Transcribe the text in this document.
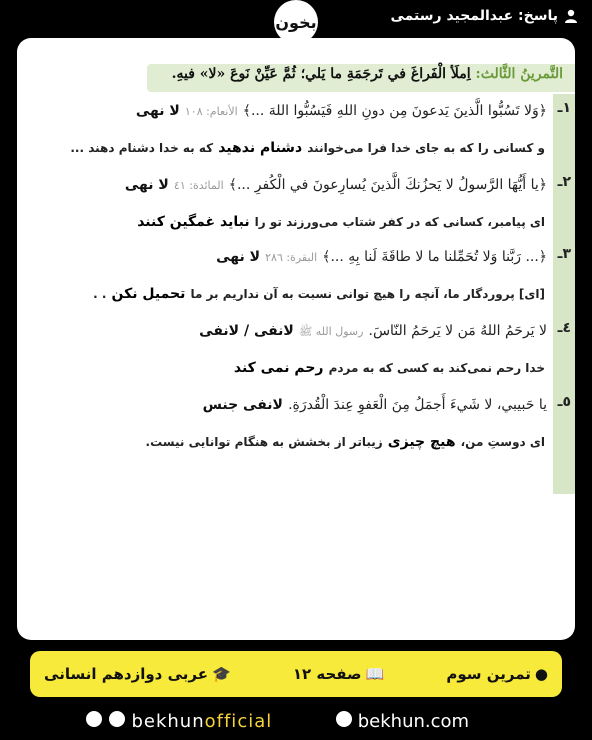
پاسخ: عبدالمجید رستمی
بخون
التَّمرينُ الثَّالث: اِملَأ الْفَراغَ في تَرجَمَةِ ما يَلي؛ ثُمَّ عَيِّنْ نَوعَ «لا» فيهِ.
﴿وَلا تَسُبُّوا الَّذينَ يَدعونَ مِن دونِ اللهِ فَيَسُبُّوا اللهَ ...﴾ الأنعام: ١٠٨ لا نهی	١ـ
و کسانی را که به جای خدا فرا می‌خوانند دشنام ندهید که به خدا دشنام دهند ...
﴿يا أَيُّهَا الرَّسولُ لا يَحزُنكَ الَّذينَ يُسارِعونَ في الْكُفرِ ...﴾ المائدة: ٤١ لا نهی	٢ـ
ای پیامبر، کسانی که در کفر شتاب می‌ورزند تو را نباید غمگین کنند
﴿... رَبَّنا وَلا تُحَمِّلنا ما لا طاقَةَ لَنا بِهِ ...﴾ البقرة: ٢٨٦ لا نهی	٣ـ
[ای] پروردگار ما، آنچه را هیچ توانی نسبت به آن نداریم بر ما تحمیل نکن . .
لا يَرحَمُ اللهُ مَن لا يَرحَمُ النّاسَ. رسول الله ﷺ لانفی / لانفی	٤ـ
خدا رحم نمی‌کند به کسی که به مردم رحم نمی کند
يا حَبيبي، لا شَيءَ أَجمَلُ مِنَ الْعَفوِ عِندَ الْقُدرَةِ. لانفی جنس	٥ـ
ای دوستِ من، هیچ چیزی زیباتر از بخشش به هنگام توانایی نیست.
●
تمرین سوم
📖
صفحه ۱۲
🎓
عربی دوازدهم انسانی
bekhunofficial	bekhun.com
